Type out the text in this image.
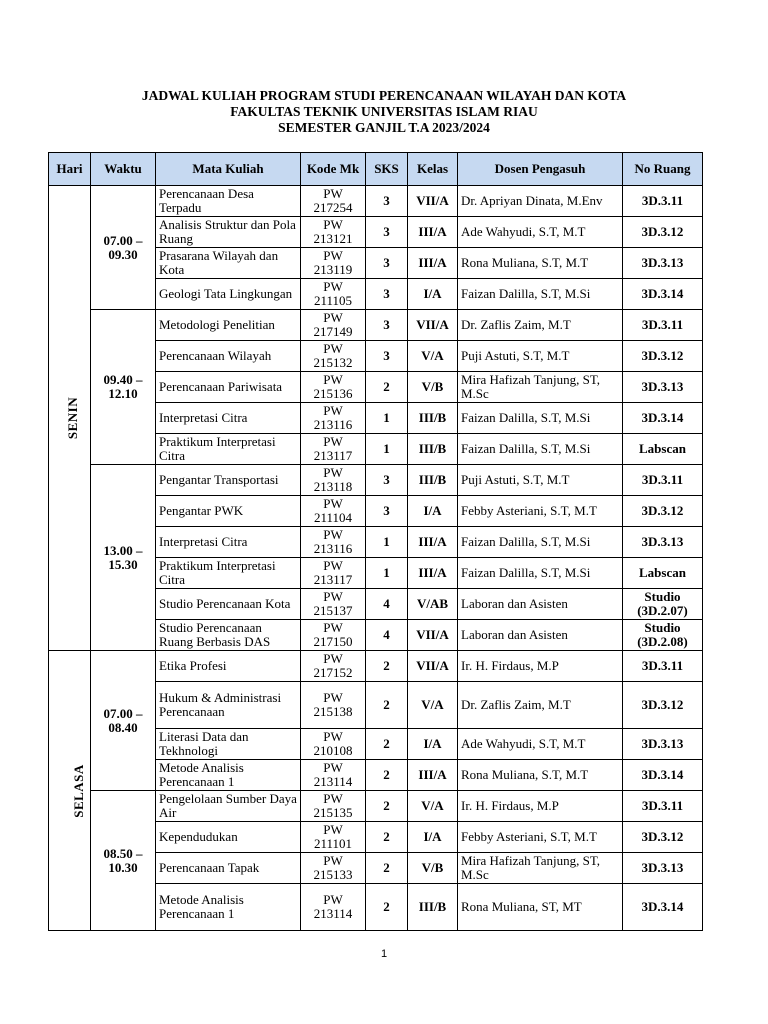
JADWAL KULIAH PROGRAM STUDI PERENCANAAN WILAYAH DAN KOTA
FAKULTAS TEKNIK UNIVERSITAS ISLAM RIAU
SEMESTER GANJIL T.A 2023/2024
Hari	Waktu	Mata Kuliah	Kode Mk	SKS	Kelas	Dosen Pengasuh	No Ruang
SENIN	07.00 – 09.30	Perencanaan Desa Terpadu	PW 217254	3	VII/A	Dr. Apriyan Dinata, M.Env	3D.3.11
		Analisis Struktur dan Pola Ruang	PW 213121	3	III/A	Ade Wahyudi, S.T, M.T	3D.3.12
		Prasarana Wilayah dan Kota	PW 213119	3	III/A	Rona Muliana, S.T, M.T	3D.3.13
		Geologi Tata Lingkungan	PW 211105	3	I/A	Faizan Dalilla, S.T, M.Si	3D.3.14
	09.40 – 12.10	Metodologi Penelitian	PW 217149	3	VII/A	Dr. Zaflis Zaim, M.T	3D.3.11
		Perencanaan Wilayah	PW 215132	3	V/A	Puji Astuti, S.T, M.T	3D.3.12
		Perencanaan Pariwisata	PW 215136	2	V/B	Mira Hafizah Tanjung, ST, M.Sc	3D.3.13
		Interpretasi Citra	PW 213116	1	III/B	Faizan Dalilla, S.T, M.Si	3D.3.14
		Praktikum Interpretasi Citra	PW 213117	1	III/B	Faizan Dalilla, S.T, M.Si	Labscan
	13.00 – 15.30	Pengantar Transportasi	PW 213118	3	III/B	Puji Astuti, S.T, M.T	3D.3.11
		Pengantar PWK	PW 211104	3	I/A	Febby Asteriani, S.T, M.T	3D.3.12
		Interpretasi Citra	PW 213116	1	III/A	Faizan Dalilla, S.T, M.Si	3D.3.13
		Praktikum Interpretasi Citra	PW 213117	1	III/A	Faizan Dalilla, S.T, M.Si	Labscan
		Studio Perencanaan Kota	PW 215137	4	V/AB	Laboran dan Asisten	Studio (3D.2.07)
		Studio Perencanaan Ruang Berbasis DAS	PW 217150	4	VII/A	Laboran dan Asisten	Studio (3D.2.08)
SELASA	07.00 – 08.40	Etika Profesi	PW 217152	2	VII/A	Ir. H. Firdaus, M.P	3D.3.11
		Hukum & Administrasi Perencanaan	PW 215138	2	V/A	Dr. Zaflis Zaim, M.T	3D.3.12
		Literasi Data dan Tekhnologi	PW 210108	2	I/A	Ade Wahyudi, S.T, M.T	3D.3.13
		Metode Analisis Perencanaan 1	PW 213114	2	III/A	Rona Muliana, S.T, M.T	3D.3.14
	08.50 – 10.30	Pengelolaan Sumber Daya Air	PW 215135	2	V/A	Ir. H. Firdaus, M.P	3D.3.11
		Kependudukan	PW 211101	2	I/A	Febby Asteriani, S.T, M.T	3D.3.12
		Perencanaan Tapak	PW 215133	2	V/B	Mira Hafizah Tanjung, ST, M.Sc	3D.3.13
		Metode Analisis Perencanaan 1	PW 213114	2	III/B	Rona Muliana, ST, MT	3D.3.14
1
